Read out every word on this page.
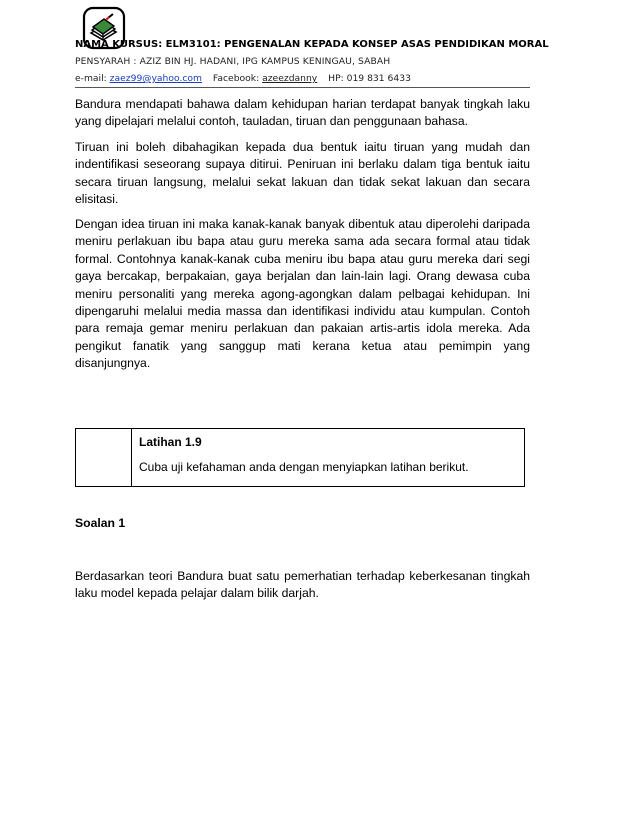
NAMA KURSUS: ELM3101: PENGENALAN KEPADA KONSEP ASAS PENDIDIKAN MORAL
PENSYARAH : AZIZ BIN HJ. HADANI, IPG KAMPUS KENINGAU, SABAH
e-mail: zaez99@yahoo.com Facebook: azeezdanny HP: 019 831 6433

Bandura mendapati bahawa dalam kehidupan harian terdapat banyak tingkah laku yang dipelajari melalui contoh, tauladan, tiruan dan penggunaan bahasa.

Tiruan ini boleh dibahagikan kepada dua bentuk iaitu tiruan yang mudah dan indentifikasi seseorang supaya ditirui. Peniruan ini berlaku dalam tiga bentuk iaitu secara tiruan langsung, melalui sekat lakuan dan tidak sekat lakuan dan secara elisitasi.

Dengan idea tiruan ini maka kanak-kanak banyak dibentuk atau diperolehi daripada meniru perlakuan ibu bapa atau guru mereka sama ada secara formal atau tidak formal. Contohnya kanak-kanak cuba meniru ibu bapa atau guru mereka dari segi gaya bercakap, berpakaian, gaya berjalan dan lain-lain lagi. Orang dewasa cuba meniru personaliti yang mereka agong-agongkan dalam pelbagai kehidupan. Ini dipengaruhi melalui media massa dan identifikasi individu atau kumpulan. Contoh para remaja gemar meniru perlakuan dan pakaian artis-artis idola mereka. Ada pengikut fanatik yang sanggup mati kerana ketua atau pemimpin yang disanjungnya.

Latihan 1.9
Cuba uji kefahaman anda dengan menyiapkan latihan berikut.
Soalan 1

Berdasarkan teori Bandura buat satu pemerhatian terhadap keberkesanan tingkah laku model kepada pelajar dalam bilik darjah.
